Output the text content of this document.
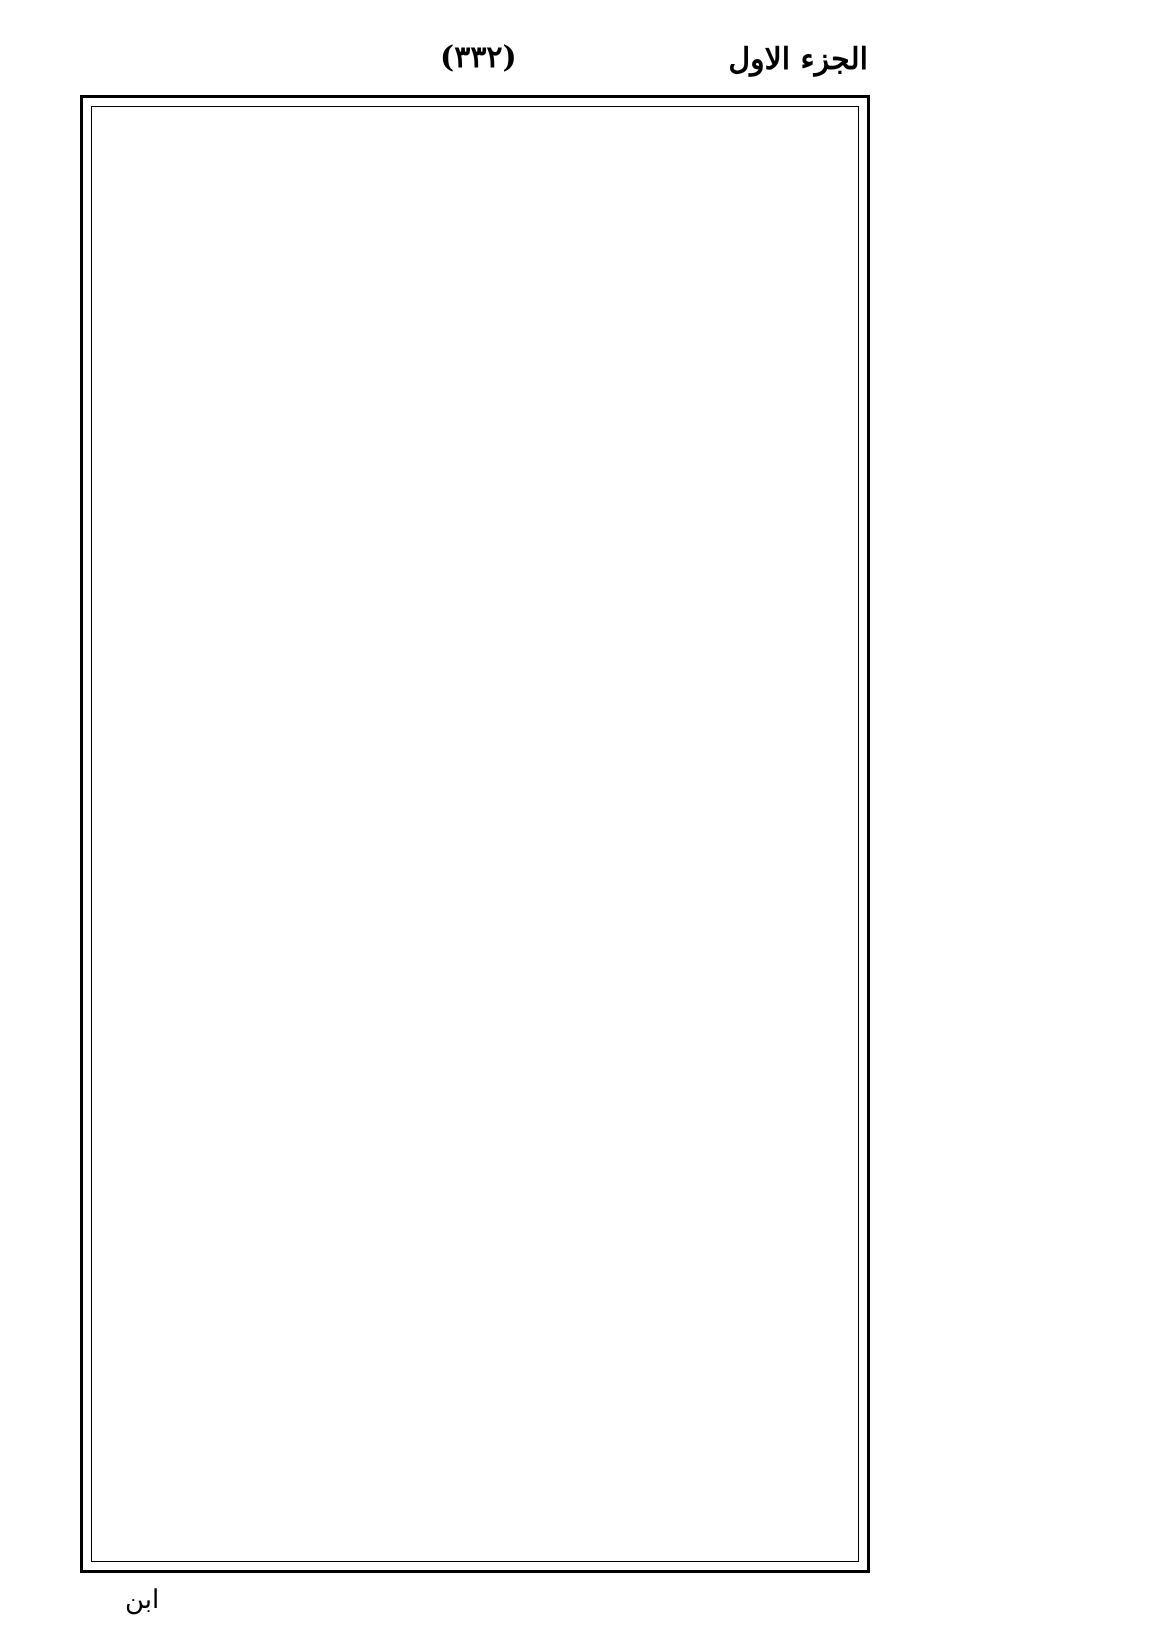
الجزء الاول
(٣٣٢)
ابن
